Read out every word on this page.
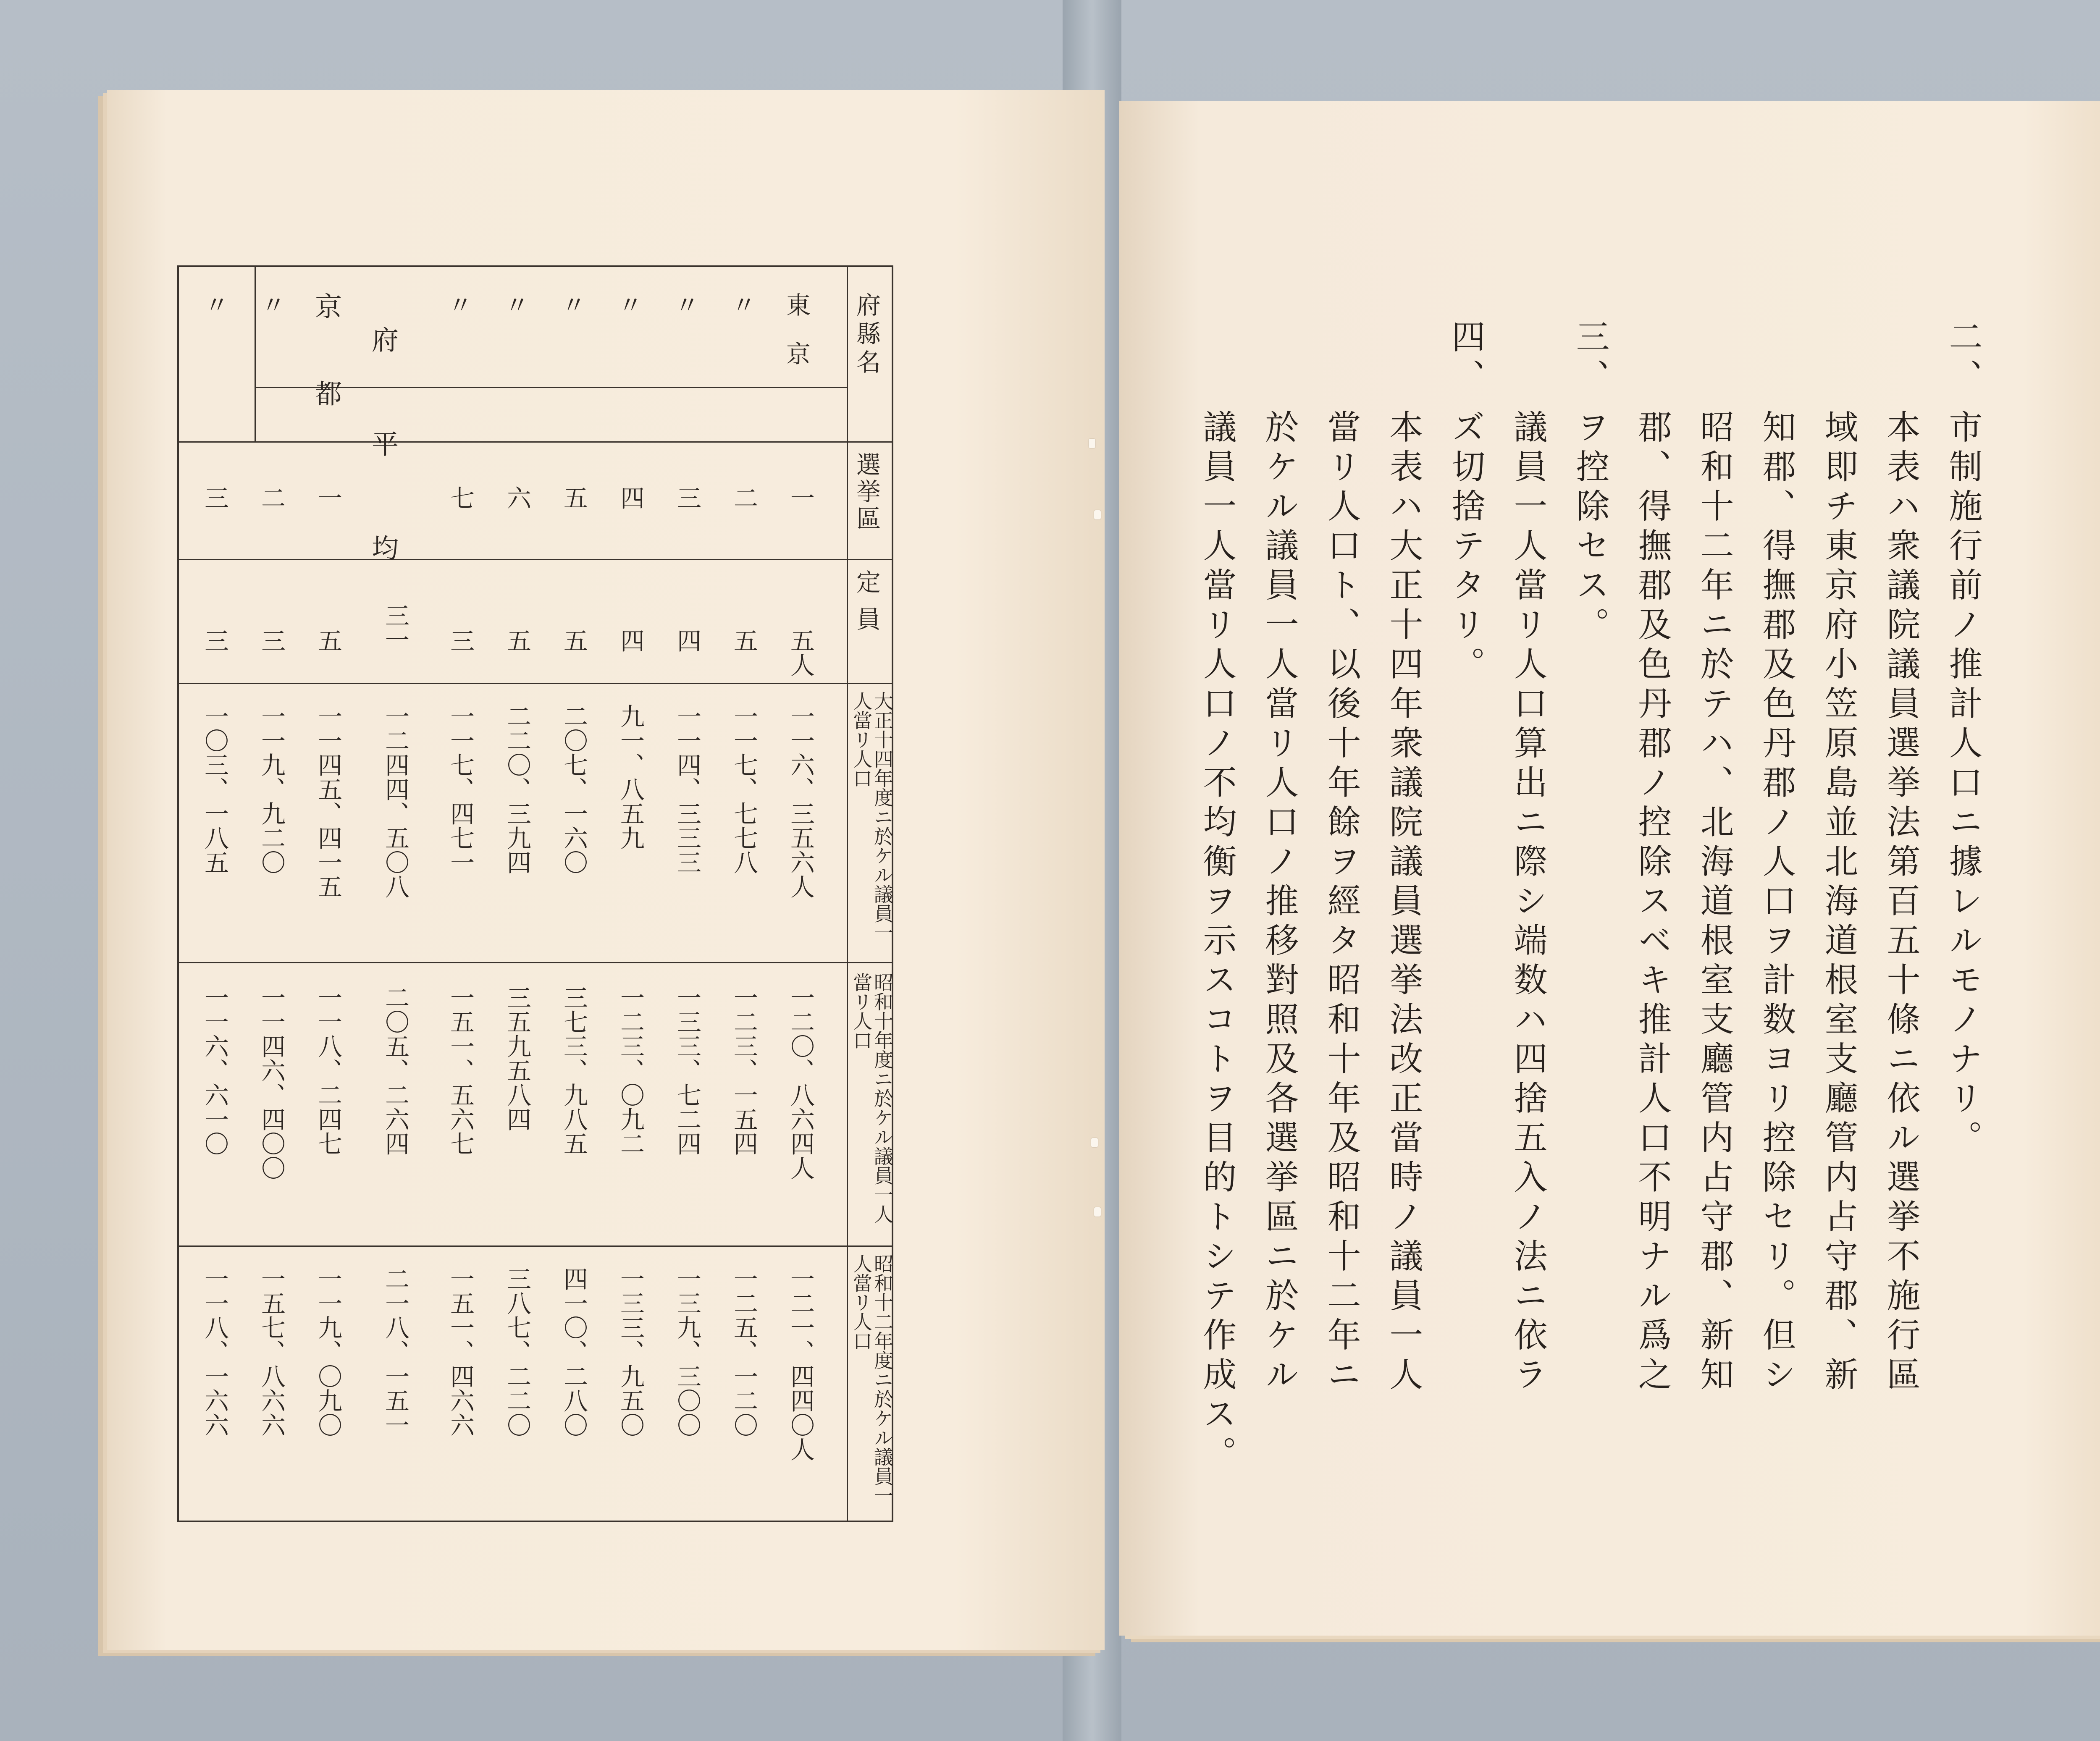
府縣名
選挙區
定員
大正十四年度ニ於ケル議員一人當リ人口
昭和十年度ニ於ケル議員一人當リ人口
昭和十二年度ニ於ケル議員一人當リ人口
東　京
一
五人
一一六、三五六人
一二〇、八六四人
一二一、四四〇人
〃
二
五
一一七、七七八
一二三、一五四
一二五、一二〇
〃
三
四
一一四、三三三
一三三、七二四
一三九、三〇〇
〃
四
四
九一、八五九
一二三、〇九二
一三三、九五〇
〃
五
五
二〇七、一六〇
三七三、九八五
四一〇、二八〇
〃
六
五
二二〇、三九四
三五九五八四
三八七、二二〇
〃
七
三
一一七、四七一
一五一、五六七
一五一、四六六
府　平　均
三一
一二四四、五〇八
二〇五、二六四
二一八、一五一
京　都
一
五
一一四五、四一五
一一八、二四七
一一九、〇九〇
〃
二
三
一一九、九二〇
一一四六、四〇〇
一五七、八六六
〃
三
三
一〇三、一八五
一一六、六一〇
一一八、一六六
二、
市制施行前ノ推計人口ニ據レルモノナリ。
本表ハ衆議院議員選挙法第百五十條ニ依ル選挙不施行區
域即チ東京府小笠原島並北海道根室支廳管内占守郡、新
知郡、得撫郡及色丹郡ノ人口ヲ計数ヨリ控除セリ。但シ
昭和十二年ニ於テハ、北海道根室支廳管内占守郡、新知
郡、得撫郡及色丹郡ノ控除スベキ推計人口不明ナル爲之
ヲ控除セス。
三、
議員一人當リ人口算出ニ際シ端数ハ四捨五入ノ法ニ依ラ
ズ切捨テタリ。
四、
本表ハ大正十四年衆議院議員選挙法改正當時ノ議員一人
當リ人口ト、以後十年餘ヲ經タ昭和十年及昭和十二年ニ
於ケル議員一人當リ人口ノ推移對照及各選挙區ニ於ケル
議員一人當リ人口ノ不均衡ヲ示スコトヲ目的トシテ作成ス。
